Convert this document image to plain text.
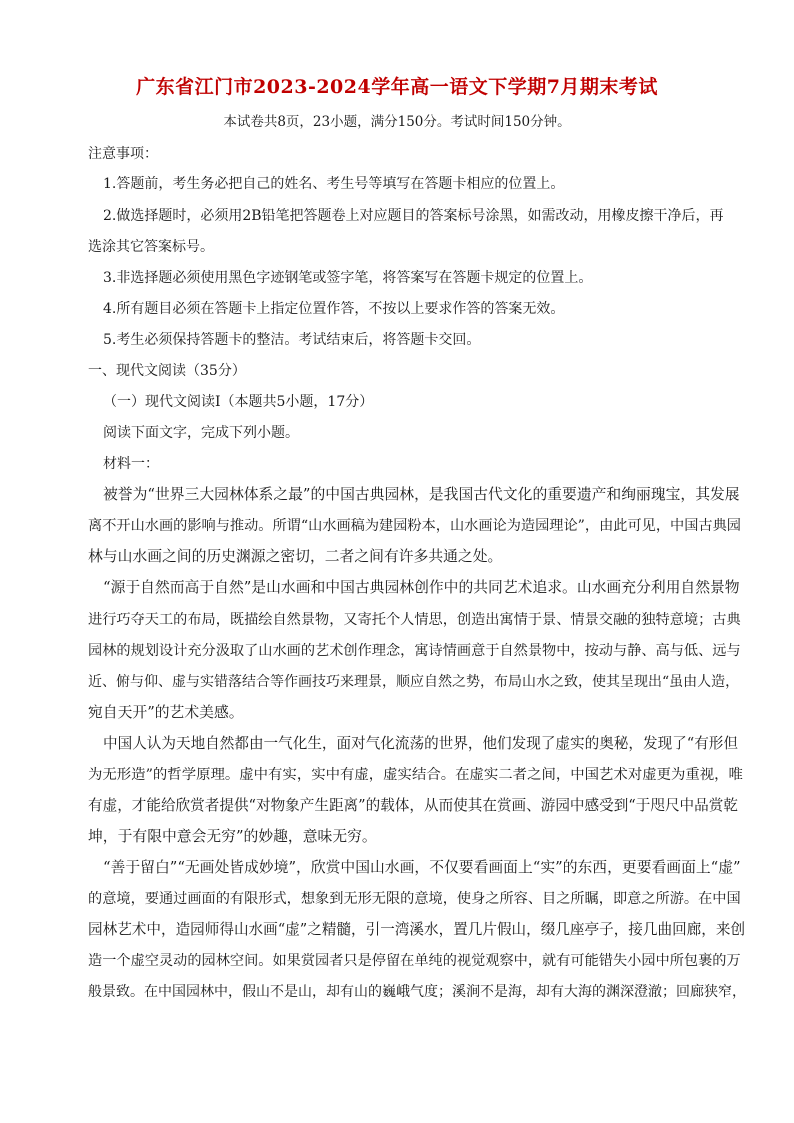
广东省江门市2023-2024学年高一语文下学期7月期末考试
本试卷共8页，23小题，满分150分。考试时间150分钟。
注意事项：
1.答题前，考生务必把自己的姓名、考生号等填写在答题卡相应的位置上。
2.做选择题时，必须用2B铅笔把答题卷上对应题目的答案标号涂黑，如需改动，用橡皮擦干净后，再
选涂其它答案标号。
3.非选择题必须使用黑色字迹钢笔或签字笔，将答案写在答题卡规定的位置上。
4.所有题目必须在答题卡上指定位置作答，不按以上要求作答的答案无效。
5.考生必须保持答题卡的整洁。考试结束后，将答题卡交回。
一、现代文阅读（35分）
（一）现代文阅读Ⅰ（本题共5小题，17分）
阅读下面文字，完成下列小题。
材料一：
被誉为“世界三大园林体系之最”的中国古典园林，是我国古代文化的重要遗产和绚丽瑰宝，其发展
离不开山水画的影响与推动。所谓“山水画稿为建园粉本，山水画论为造园理论”，由此可见，中国古典园
林与山水画之间的历史渊源之密切，二者之间有许多共通之处。
“源于自然而高于自然”是山水画和中国古典园林创作中的共同艺术追求。山水画充分利用自然景物
进行巧夺天工的布局，既描绘自然景物，又寄托个人情思，创造出寓情于景、情景交融的独特意境；古典
园林的规划设计充分汲取了山水画的艺术创作理念，寓诗情画意于自然景物中，按动与静、高与低、远与
近、俯与仰、虚与实错落结合等作画技巧来理景，顺应自然之势，布局山水之致，使其呈现出“虽由人造，
宛自天开”的艺术美感。
中国人认为天地自然都由一气化生，面对气化流荡的世界，他们发现了虚实的奥秘，发现了“有形但
为无形造”的哲学原理。虚中有实，实中有虚，虚实结合。在虚实二者之间，中国艺术对虚更为重视，唯
有虚，才能给欣赏者提供“对物象产生距离”的载体，从而使其在赏画、游园中感受到“于咫尺中品赏乾
坤，于有限中意会无穷”的妙趣，意味无穷。
“善于留白”“无画处皆成妙境”，欣赏中国山水画，不仅要看画面上“实”的东西，更要看画面上“虚”
的意境，要通过画面的有限形式，想象到无形无限的意境，使身之所容、目之所瞩，即意之所游。在中国
园林艺术中，造园师得山水画“虚”之精髓，引一湾溪水，置几片假山，缀几座亭子，接几曲回廊，来创
造一个虚空灵动的园林空间。如果赏园者只是停留在单纯的视觉观察中，就有可能错失小园中所包裹的万
般景致。在中国园林中，假山不是山，却有山的巍峨气度；溪涧不是海，却有大海的渊深澄澈；回廊狭窄，
